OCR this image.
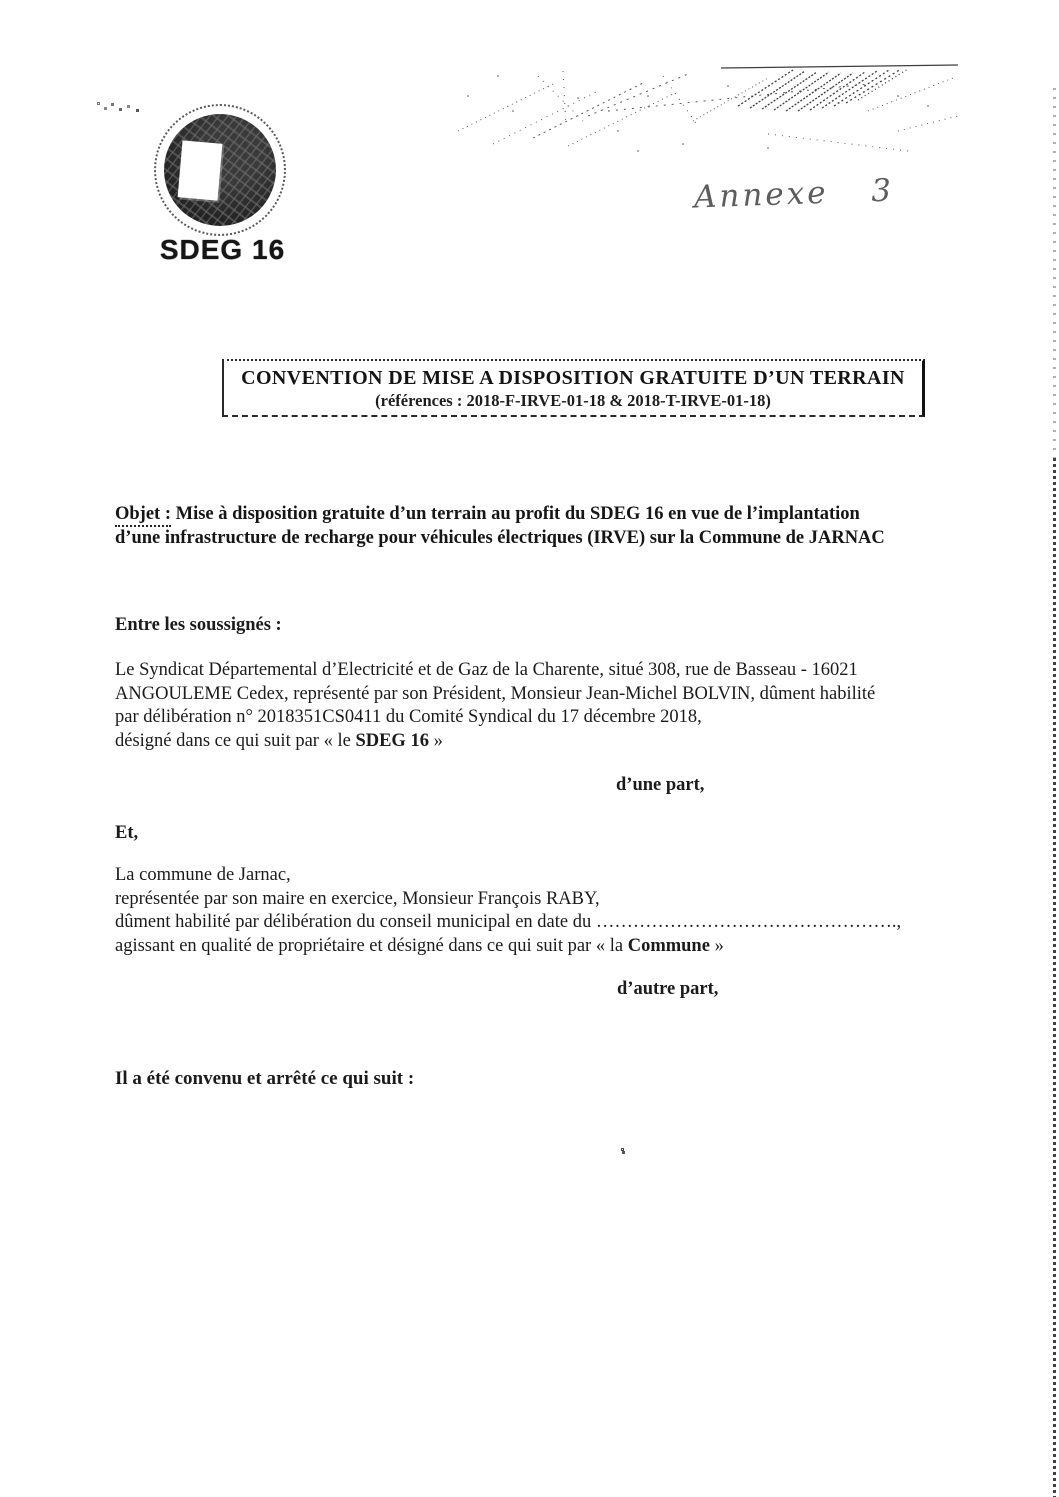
SDEG 16
Annexe 3
CONVENTION DE MISE A DISPOSITION GRATUITE D’UN TERRAIN
(références : 2018-F-IRVE-01-18 & 2018-T-IRVE-01-18)
Objet : Mise à disposition gratuite d’un terrain au profit du SDEG 16 en vue de l’implantation
d’une infrastructure de recharge pour véhicules électriques (IRVE) sur la Commune de JARNAC
Entre les soussignés :
Le Syndicat Départemental d’Electricité et de Gaz de la Charente, situé 308, rue de Basseau - 16021
ANGOULEME Cedex, représenté par son Président, Monsieur Jean-Michel BOLVIN, dûment habilité
par délibération n° 2018351CS0411 du Comité Syndical du 17 décembre 2018,
désigné dans ce qui suit par « le SDEG 16 »
d’une part,
Et,
La commune de Jarnac,
représentée par son maire en exercice, Monsieur François RABY,
dûment habilité par délibération du conseil municipal en date du ………………………………………….,
agissant en qualité de propriétaire et désigné dans ce qui suit par « la Commune »
d’autre part,
Il a été convenu et arrêté ce qui suit :
